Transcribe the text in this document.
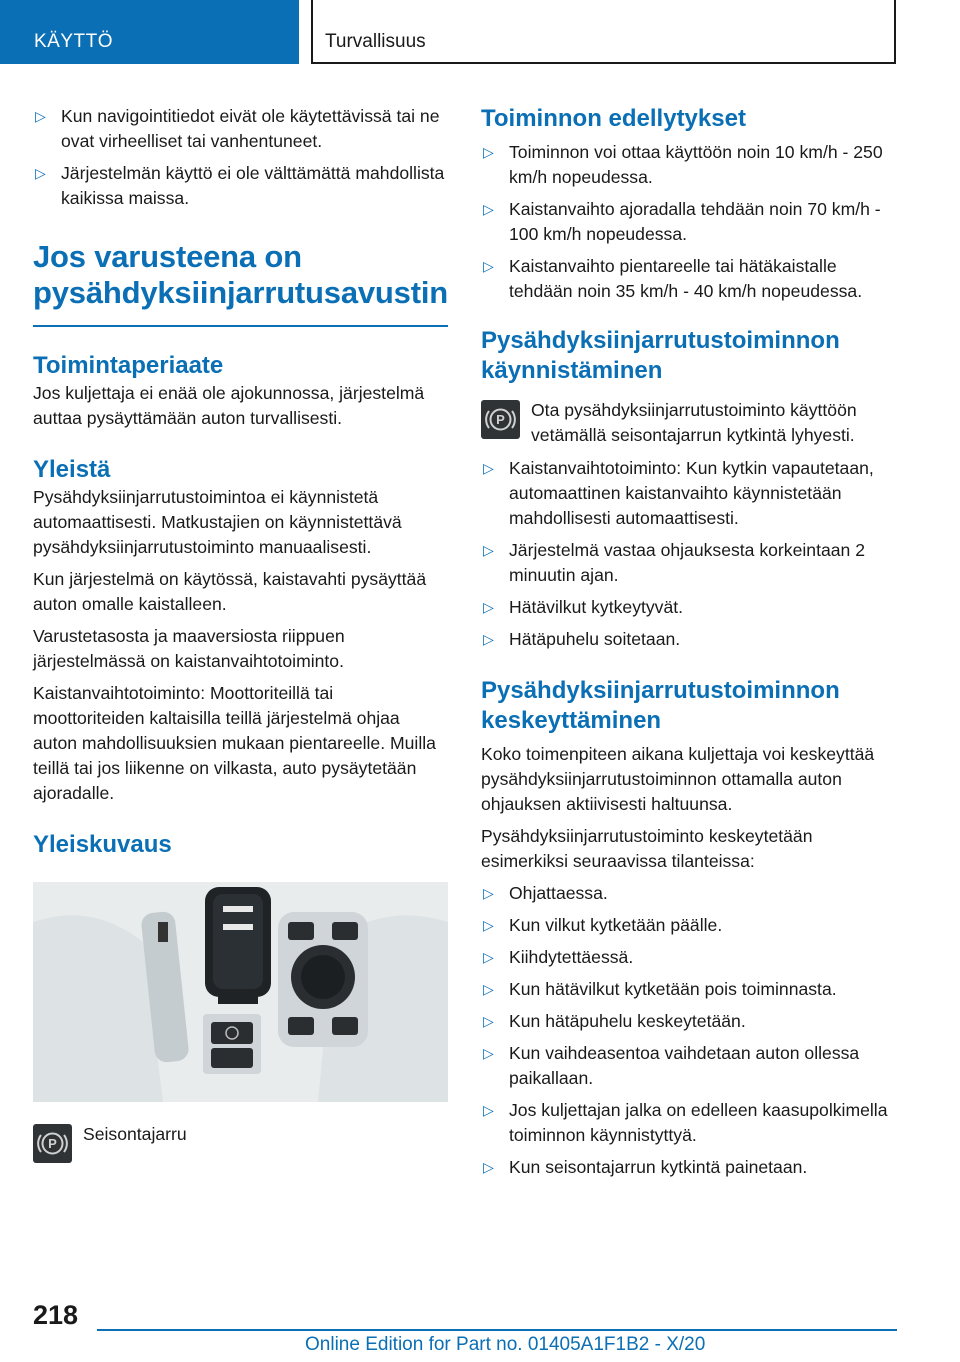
KÄYTTÖ	Turvallisuus
▷ Kun navigointitiedot eivät ole käytettävissä tai ne ovat virheelliset tai vanhentuneet.
▷ Järjestelmän käyttö ei ole välttämättä mahdollista kaikissa maissa.
Jos varusteena on pysähdyksiinjarrutusavustin
Toimintaperiaate

Jos kuljettaja ei enää ole ajokunnossa, järjestelmä auttaa pysäyttämään auton turvallisesti.

Yleistä

Pysähdyksiinjarrutustoimintoa ei käynnistetä automaattisesti. Matkustajien on käynnistettävä pysähdyksiinjarrutustoiminto manuaalisesti.

Kun järjestelmä on käytössä, kaistavahti pysäyttää auton omalle kaistalleen.

Varustetasosta ja maaversiosta riippuen järjestelmässä on kaistanvaihtotoiminto.

Kaistanvaihtotoiminto: Moottoriteillä tai moottoriteiden kaltaisilla teillä järjestelmä ohjaa auton mahdollisuuksien mukaan pientareelle. Muilla teillä tai jos liikenne on vilkasta, auto pysäytetään ajoradalle.

Yleiskuvaus
P Seisontajarru
Toiminnon edellytykset
▷ Toiminnon voi ottaa käyttöön noin 10 km/h - 250 km/h nopeudessa.
▷ Kaistanvaihto ajoradalla tehdään noin 70 km/h - 100 km/h nopeudessa.
▷ Kaistanvaihto pientareelle tai hätäkaistalle tehdään noin 35 km/h - 40 km/h nopeudessa.
Pysähdyksiinjarrutustoiminnon käynnistäminen
P Ota pysähdyksiinjarrutustoiminto käyttöön vetämällä seisontajarrun kytkintä lyhyesti.
▷ Kaistanvaihtotoiminto: Kun kytkin vapautetaan, automaattinen kaistanvaihto käynnistetään mahdollisesti automaattisesti.
▷ Järjestelmä vastaa ohjauksesta korkeintaan 2 minuutin ajan.
▷ Hätävilkut kytkeytyvät.
▷ Hätäpuhelu soitetaan.
Pysähdyksiinjarrutustoiminnon keskeyttäminen

Koko toimenpiteen aikana kuljettaja voi keskeyttää pysähdyksiinjarrutustoiminnon ottamalla auton ohjauksen aktiivisesti haltuunsa.

Pysähdyksiinjarrutustoiminto keskeytetään esimerkiksi seuraavissa tilanteissa:

▷ Ohjattaessa.
▷ Kun vilkut kytketään päälle.
▷ Kiihdytettäessä.
▷ Kun hätävilkut kytketään pois toiminnasta.
▷ Kun hätäpuhelu keskeytetään.
▷ Kun vaihdeasentoa vaihdetaan auton ollessa paikallaan.
▷ Jos kuljettajan jalka on edelleen kaasupolkimella toiminnon käynnistyttyä.
▷ Kun seisontajarrun kytkintä painetaan.
218
Online Edition for Part no. 01405A1F1B2 - X/20
